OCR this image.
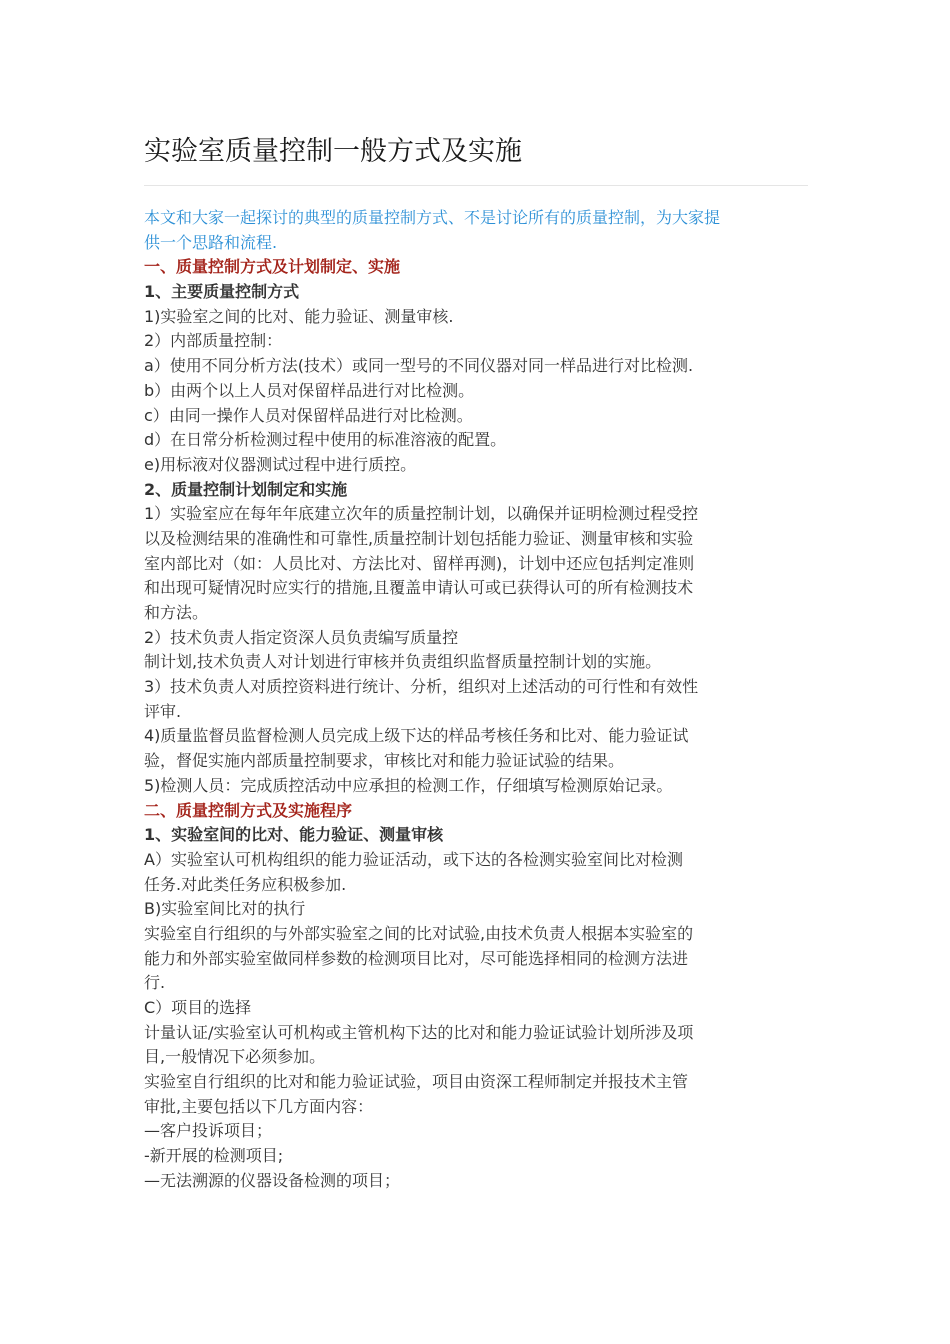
实验室质量控制一般方式及实施
本文和大家一起探讨的典型的质量控制方式、不是讨论所有的质量控制，为大家提
供一个思路和流程.
一、质量控制方式及计划制定、实施
1、主要质量控制方式
1)实验室之间的比对、能力验证、测量审核.
2）内部质量控制：
a）使用不同分析方法(技术）或同一型号的不同仪器对同一样品进行对比检测.
b）由两个以上人员对保留样品进行对比检测。
c）由同一操作人员对保留样品进行对比检测。
d）在日常分析检测过程中使用的标准溶液的配置。
e)用标液对仪器测试过程中进行质控。
2、质量控制计划制定和实施
1）实验室应在每年年底建立次年的质量控制计划，以确保并证明检测过程受控
以及检测结果的准确性和可靠性,质量控制计划包括能力验证、测量审核和实验
室内部比对（如：人员比对、方法比对、留样再测)，计划中还应包括判定准则
和出现可疑情况时应实行的措施,且覆盖申请认可或已获得认可的所有检测技术
和方法。
2）技术负责人指定资深人员负责编写质量控
制计划,技术负责人对计划进行审核并负责组织监督质量控制计划的实施。
3）技术负责人对质控资料进行统计、分析，组织对上述活动的可行性和有效性
评审.
4)质量监督员监督检测人员完成上级下达的样品考核任务和比对、能力验证试
验，督促实施内部质量控制要求，审核比对和能力验证试验的结果。
5)检测人员：完成质控活动中应承担的检测工作，仔细填写检测原始记录。
二、质量控制方式及实施程序
1、实验室间的比对、能力验证、测量审核
A）实验室认可机构组织的能力验证活动，或下达的各检测实验室间比对检测
任务.对此类任务应积极参加.
B)实验室间比对的执行
实验室自行组织的与外部实验室之间的比对试验,由技术负责人根据本实验室的
能力和外部实验室做同样参数的检测项目比对，尽可能选择相同的检测方法进
行.
C）项目的选择
计量认证/实验室认可机构或主管机构下达的比对和能力验证试验计划所涉及项
目,一般情况下必须参加。
实验室自行组织的比对和能力验证试验，项目由资深工程师制定并报技术主管
审批,主要包括以下几方面内容：
—客户投诉项目；
-新开展的检测项目;
—无法溯源的仪器设备检测的项目；
